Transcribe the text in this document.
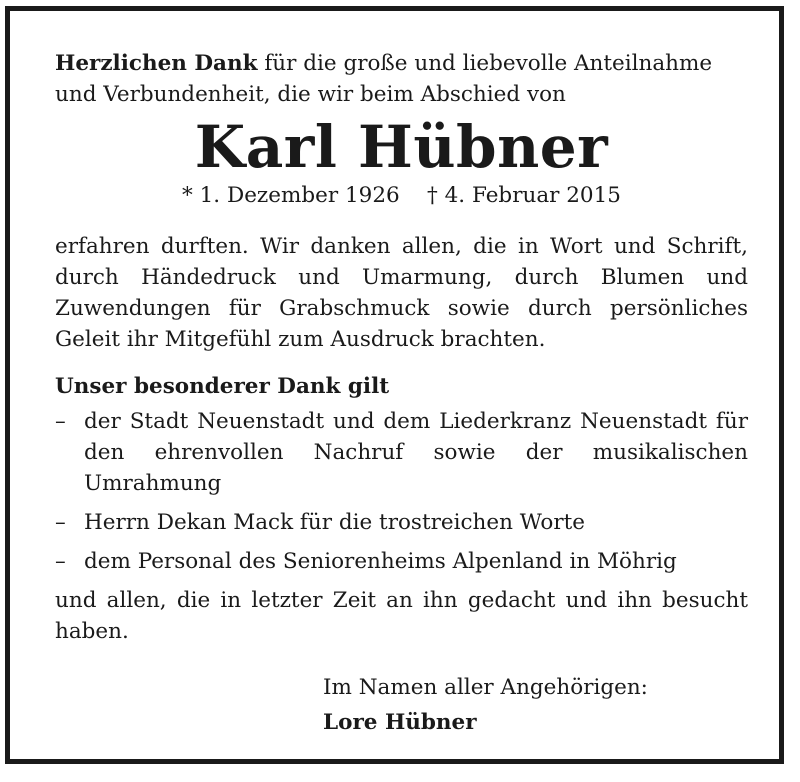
Herzlichen Dank für die große und liebevolle Anteilnahme
und Verbundenheit, die wir beim Abschied von

Karl Hübner
* 1. Dezember 1926 † 4. Februar 2015

erfahren durften. Wir danken allen, die in Wort und Schrift, durch Händedruck und Umarmung, durch Blumen und Zuwendungen für Grabschmuck sowie durch persönliches Geleit ihr Mitgefühl zum Ausdruck brachten.

Unser besonderer Dank gilt
– der Stadt Neuenstadt und dem Liederkranz Neuenstadt für den ehrenvollen Nachruf sowie der musikalischen Umrahmung
– Herrn Dekan Mack für die trostreichen Worte
– dem Personal des Seniorenheims Alpenland in Möhrig

und allen, die in letzter Zeit an ihn gedacht und ihn besucht haben.

Im Namen aller Angehörigen:
Lore Hübner
